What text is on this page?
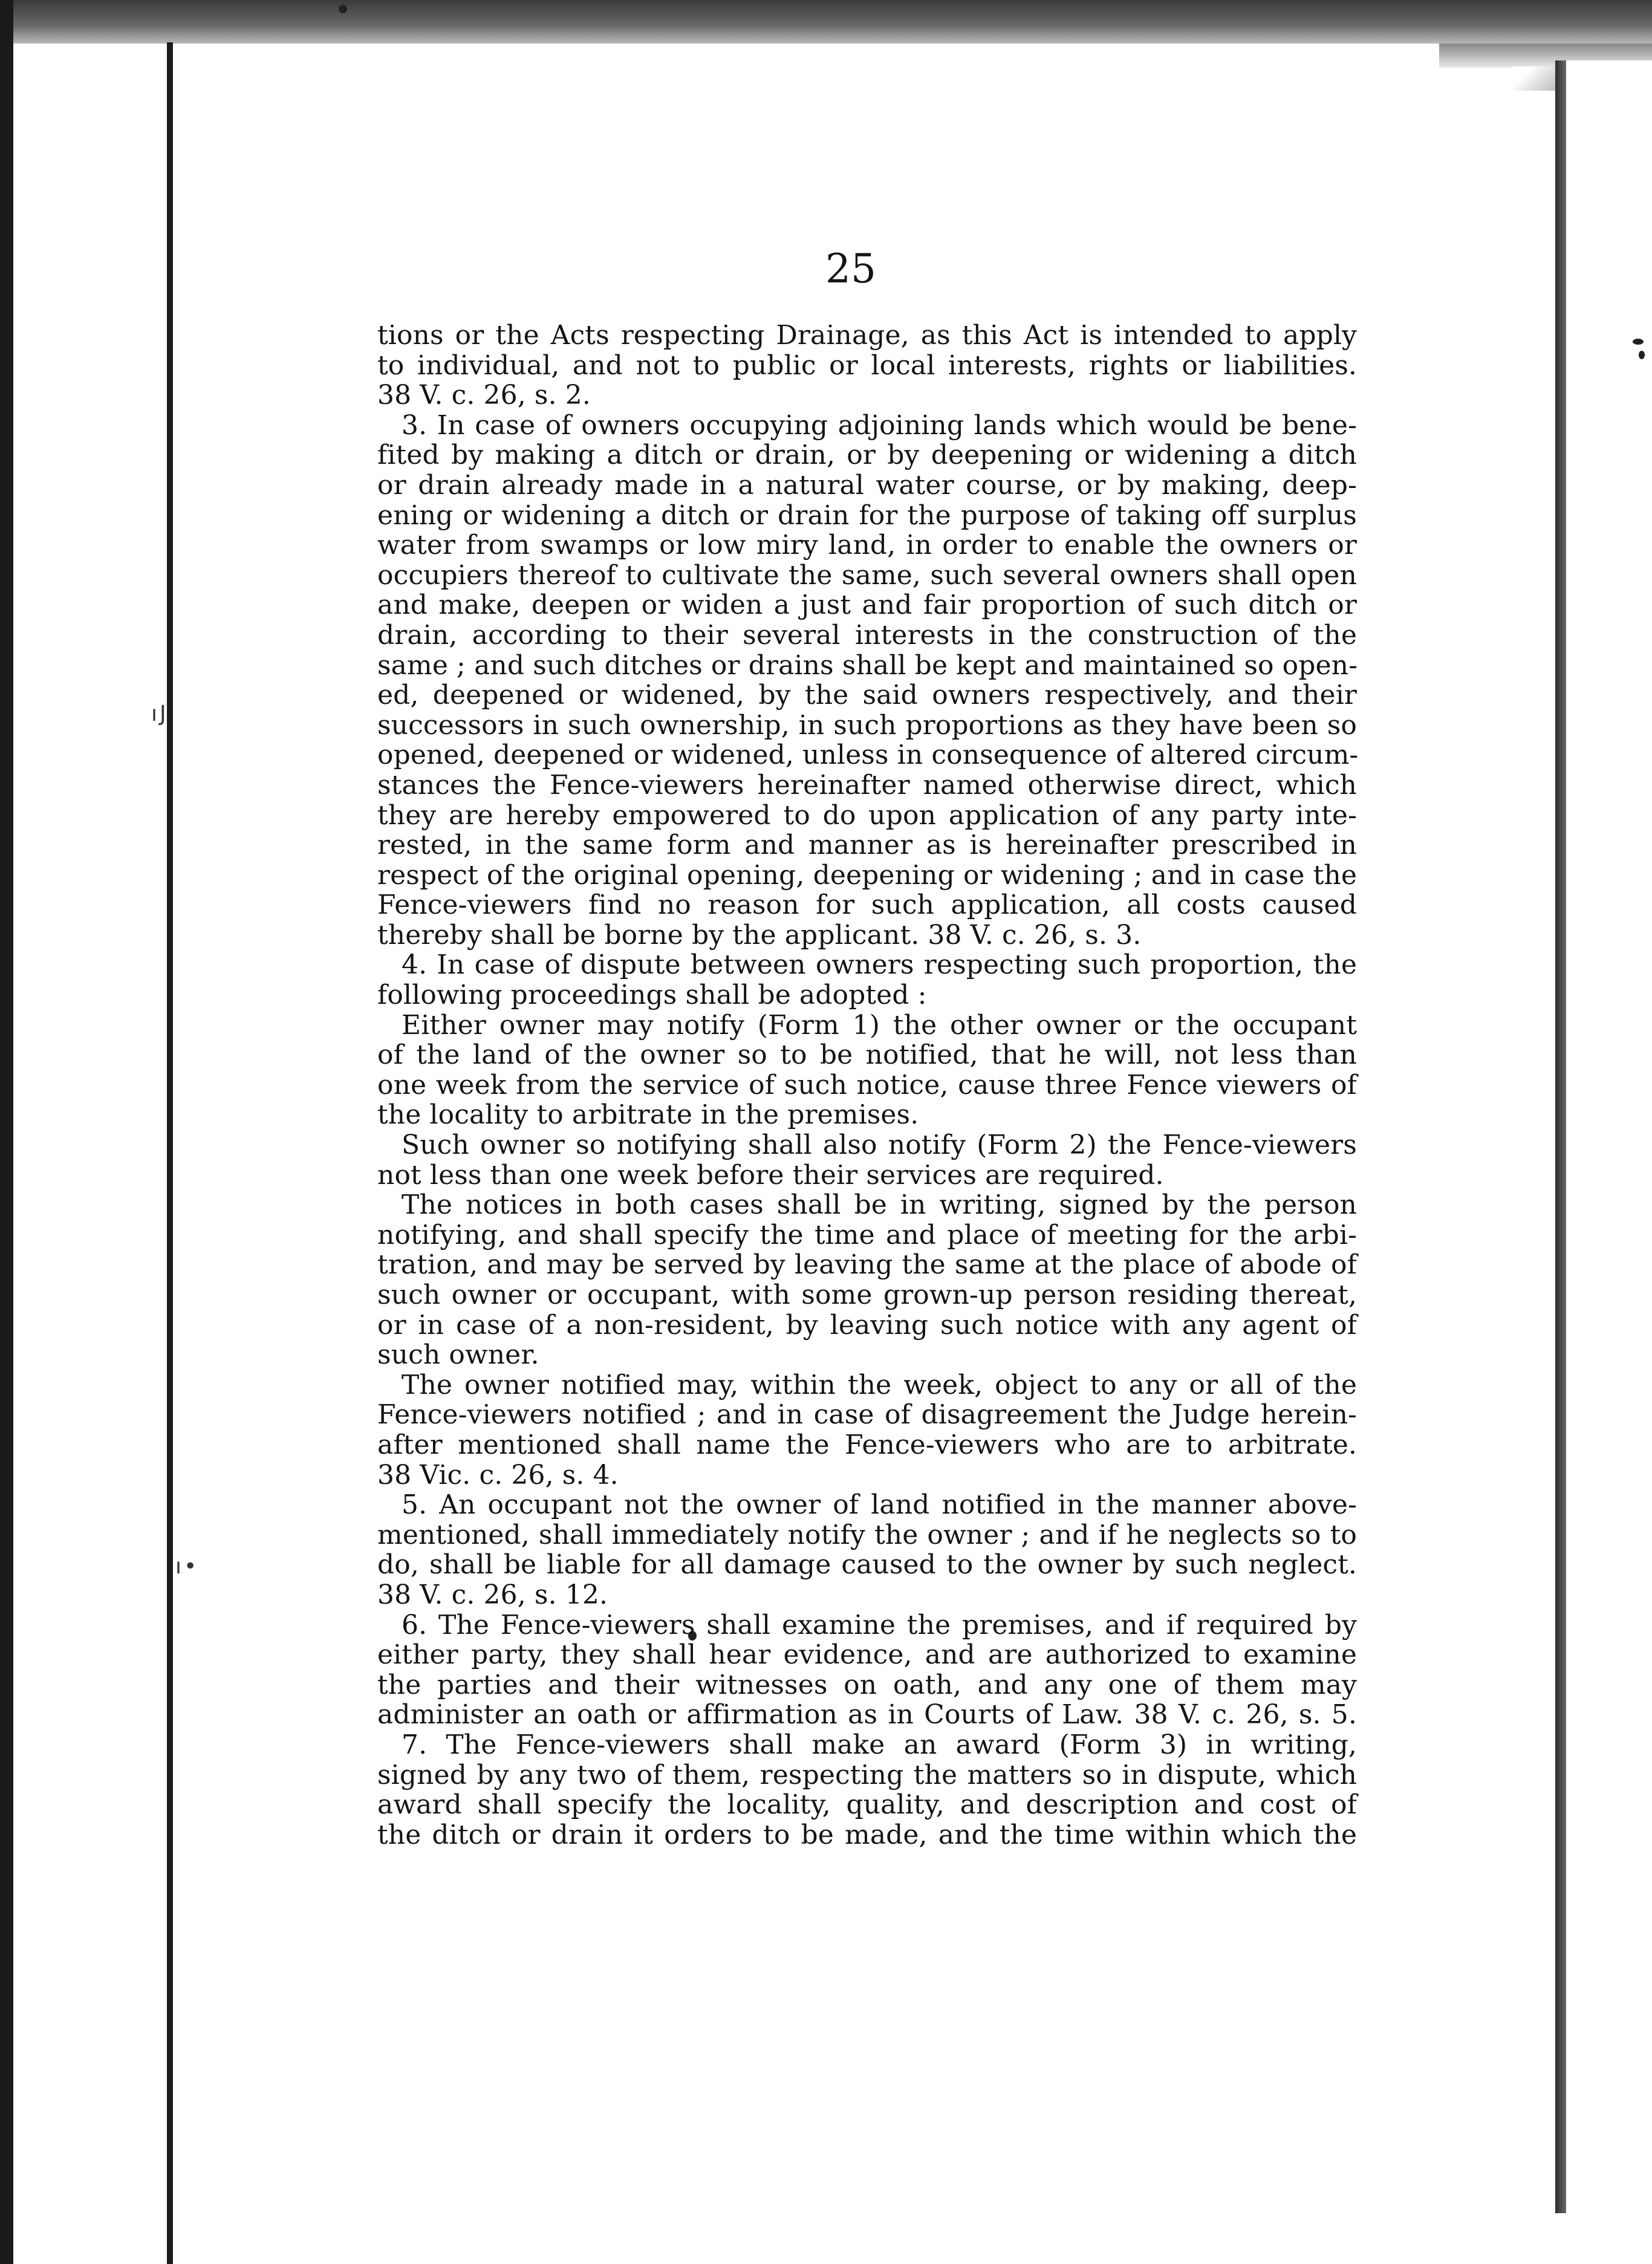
ıJ
ı•
25
tions or the Acts respecting Drainage, as this Act is intended to apply
to individual, and not to public or local interests, rights or liabilities.
38 V. c. 26, s. 2.
3. In case of owners occupying adjoining lands which would be bene-
fited by making a ditch or drain, or by deepening or widening a ditch
or drain already made in a natural water course, or by making, deep-
ening or widening a ditch or drain for the purpose of taking off surplus
water from swamps or low miry land, in order to enable the owners or
occupiers thereof to cultivate the same, such several owners shall open
and make, deepen or widen a just and fair proportion of such ditch or
drain, according to their several interests in the construction of the
same ; and such ditches or drains shall be kept and maintained so open-
ed, deepened or widened, by the said owners respectively, and their
successors in such ownership, in such proportions as they have been so
opened, deepened or widened, unless in consequence of altered circum-
stances the Fence-viewers hereinafter named otherwise direct, which
they are hereby empowered to do upon application of any party inte-
rested, in the same form and manner as is hereinafter prescribed in
respect of the original opening, deepening or widening ; and in case the
Fence-viewers find no reason for such application, all costs caused
thereby shall be borne by the applicant. 38 V. c. 26, s. 3.
4. In case of dispute between owners respecting such proportion, the
following proceedings shall be adopted :
Either owner may notify (Form 1) the other owner or the occupant
of the land of the owner so to be notified, that he will, not less than
one week from the service of such notice, cause three Fence viewers of
the locality to arbitrate in the premises.
Such owner so notifying shall also notify (Form 2) the Fence-viewers
not less than one week before their services are required.
The notices in both cases shall be in writing, signed by the person
notifying, and shall specify the time and place of meeting for the arbi-
tration, and may be served by leaving the same at the place of abode of
such owner or occupant, with some grown-up person residing thereat,
or in case of a non-resident, by leaving such notice with any agent of
such owner.
The owner notified may, within the week, object to any or all of the
Fence-viewers notified ; and in case of disagreement the Judge herein-
after mentioned shall name the Fence-viewers who are to arbitrate.
38 Vic. c. 26, s. 4.
5. An occupant not the owner of land notified in the manner above-
mentioned, shall immediately notify the owner ; and if he neglects so to
do, shall be liable for all damage caused to the owner by such neglect.
38 V. c. 26, s. 12.
6. The Fence-viewers shall examine the premises, and if required by
either party, they shall hear evidence, and are authorized to examine
the parties and their witnesses on oath, and any one of them may
administer an oath or affirmation as in Courts of Law. 38 V. c. 26, s. 5.
7. The Fence-viewers shall make an award (Form 3) in writing,
signed by any two of them, respecting the matters so in dispute, which
award shall specify the locality, quality, and description and cost of
the ditch or drain it orders to be made, and the time within which the
